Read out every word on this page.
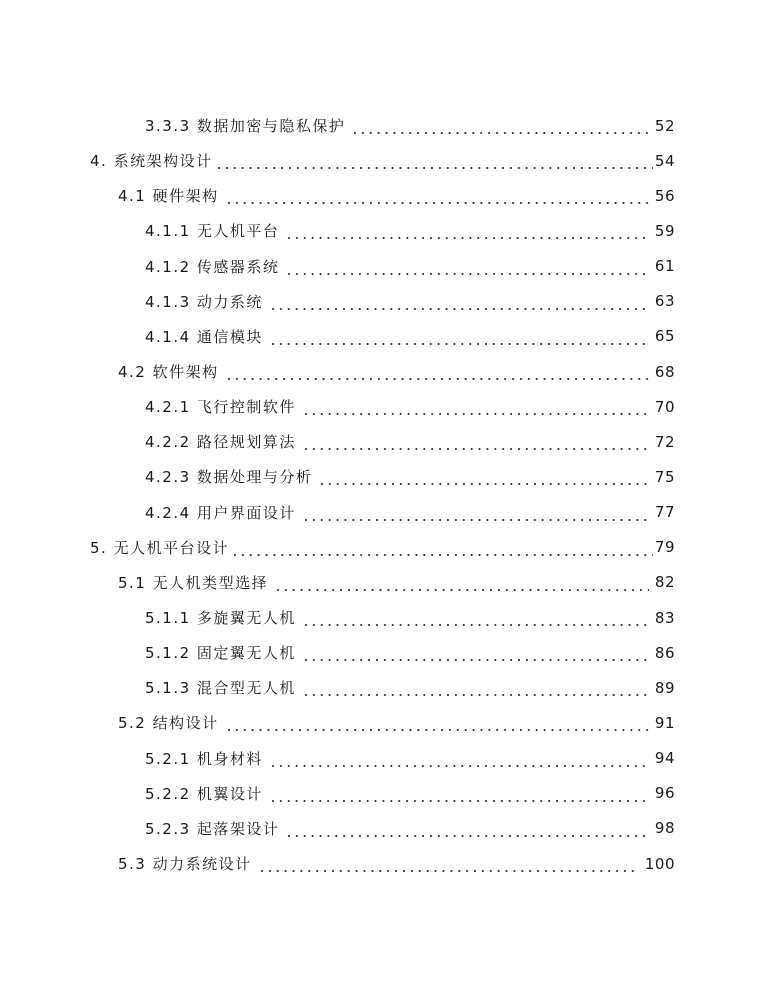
3.3.3 数据加密与隐私保护	52
4. 系统架构设计	54
4.1 硬件架构	56
4.1.1 无人机平台	59
4.1.2 传感器系统	61
4.1.3 动力系统	63
4.1.4 通信模块	65
4.2 软件架构	68
4.2.1 飞行控制软件	70
4.2.2 路径规划算法	72
4.2.3 数据处理与分析	75
4.2.4 用户界面设计	77
5. 无人机平台设计	79
5.1 无人机类型选择	82
5.1.1 多旋翼无人机	83
5.1.2 固定翼无人机	86
5.1.3 混合型无人机	89
5.2 结构设计	91
5.2.1 机身材料	94
5.2.2 机翼设计	96
5.2.3 起落架设计	98
5.3 动力系统设计	100
